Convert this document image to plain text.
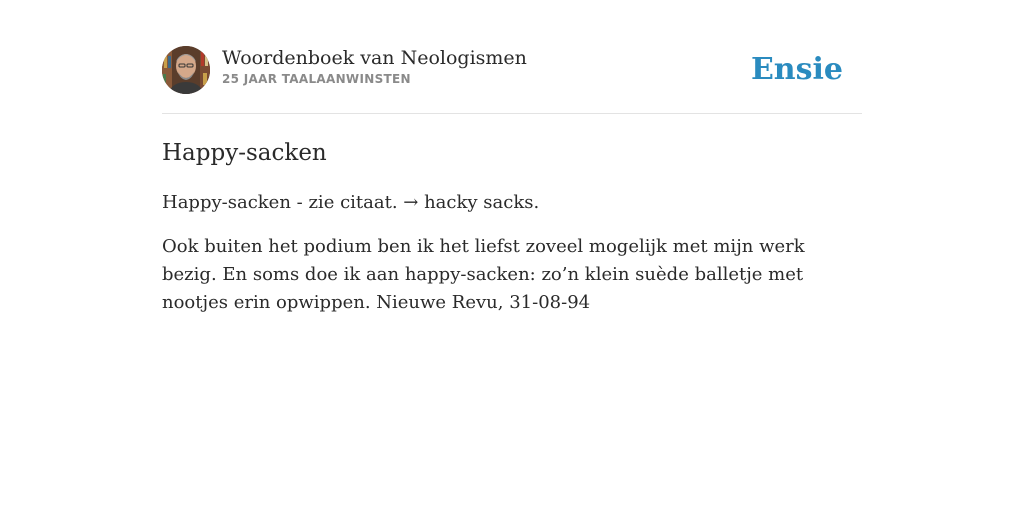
Woordenboek van Neologismen
25 JAAR TAALAANWINSTEN	Ensie
Happy-sacken

Happy-sacken - zie citaat. → hacky sacks.

Ook buiten het podium ben ik het liefst zoveel mogelijk met mijn werk bezig. En soms doe ik aan happy-sacken: zo’n klein suède balletje met nootjes erin opwippen. Nieuwe Revu, 31-08-94
